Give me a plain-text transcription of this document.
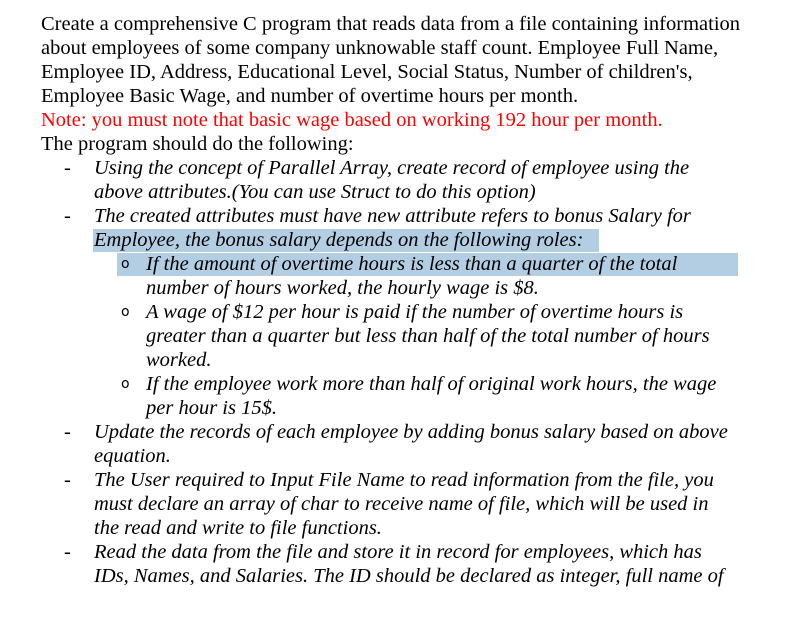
Create a comprehensive C program that reads data from a file containing information

about employees of some company unknowable staff count. Employee Full Name,

Employee ID, Address, Educational Level, Social Status, Number of children's,

Employee Basic Wage, and number of overtime hours per month.

Note: you must note that basic wage based on working 192 hour per month.

The program should do the following:

- Using the concept of Parallel Array, create record of employee using the

above attributes.(You can use Struct to do this option)

- The created attributes must have new attribute refers to bonus Salary for

Employee, the bonus salary depends on the following roles:

o If the amount of overtime hours is less than a quarter of the total

number of hours worked, the hourly wage is $8.

o A wage of $12 per hour is paid if the number of overtime hours is

greater than a quarter but less than half of the total number of hours

worked.

o If the employee work more than half of original work hours, the wage

per hour is 15$.

- Update the records of each employee by adding bonus salary based on above

equation.

- The User required to Input File Name to read information from the file, you

must declare an array of char to receive name of file, which will be used in

the read and write to file functions.

- Read the data from the file and store it in record for employees, which has

IDs, Names, and Salaries. The ID should be declared as integer, full name of
